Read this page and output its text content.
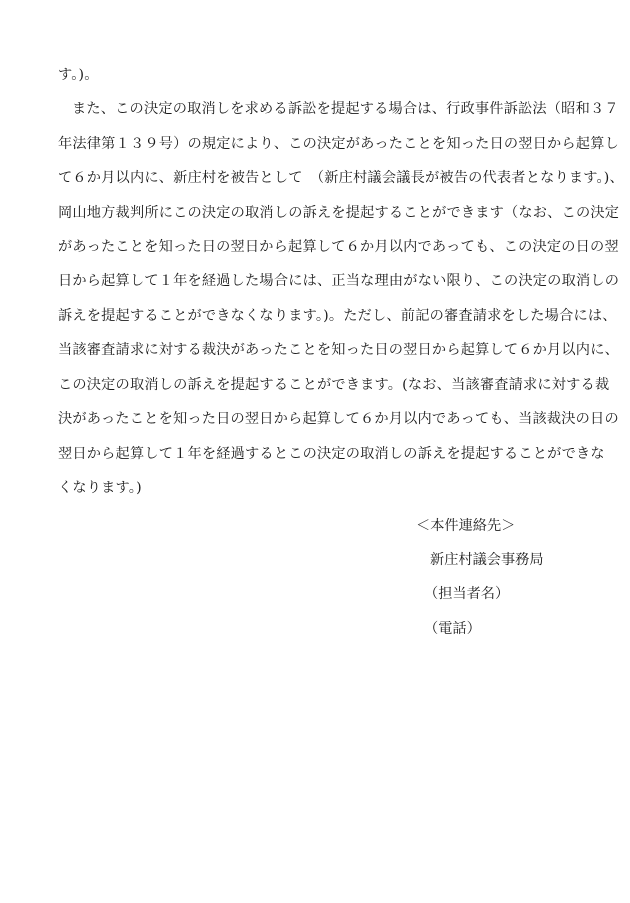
す。)。
また、この決定の取消しを求める訴訟を提起する場合は、行政事件訴訟法（昭和３７
年法律第１３９号）の規定により、この決定があったことを知った日の翌日から起算し
て６か月以内に、新庄村を被告として　（新庄村議会議長が被告の代表者となります。)、
岡山地方裁判所にこの決定の取消しの訴えを提起することができます（なお、この決定
があったことを知った日の翌日から起算して６か月以内であっても、この決定の日の翌
日から起算して１年を経過した場合には、正当な理由がない限り、この決定の取消しの
訴えを提起することができなくなります。)。ただし、前記の審査請求をした場合には、
当該審査請求に対する裁決があったことを知った日の翌日から起算して６か月以内に、
この決定の取消しの訴えを提起することができます。(なお、当該審査請求に対する裁
決があったことを知った日の翌日から起算して６か月以内であっても、当該裁決の日の
翌日から起算して１年を経過するとこの決定の取消しの訴えを提起することができな
くなります。)
＜本件連絡先＞
新庄村議会事務局
（担当者名）
（電話）
